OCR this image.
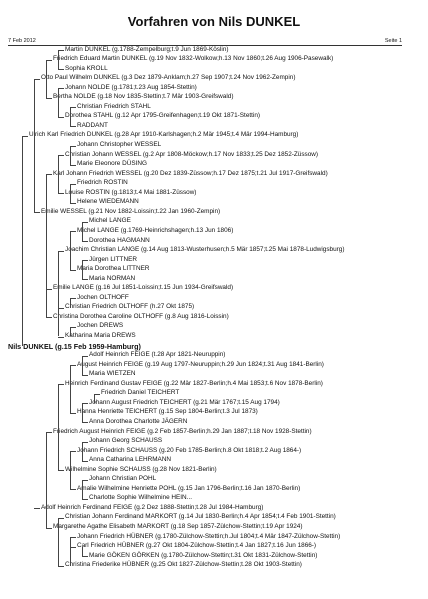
Vorfahren von Nils DUNKEL
7 Feb 2012	Seite 1
Martin DUNKEL (g.1788-Zempelburg;t.9 Jun 1869-Köslin)
Friedrich Eduard Martin DUNKEL (g.19 Nov 1832-Wolkow;h.13 Nov 1860;t.26 Aug 1906-Pasewalk)
Sophia KROLL
Otto Paul Wilhelm DUNKEL (g.3 Dez 1879-Anklam;h.27 Sep 1907;t.24 Nov 1962-Zempin)
Johann NOLDE (g.1781;t.23 Aug 1854-Stettin)
Bertha NOLDE (g.18 Nov 1835-Stettin;t.7 Mär 1903-Greifswald)
Christian Friedrich STAHL
Dorothea STAHL (g.12 Apr 1795-Greifenhagen;t.19 Okt 1871-Stettin)
RADDANT
Ulrich Karl Friedrich DUNKEL (g.28 Apr 1910-Karlshagen;h.2 Mär 1945;t.4 Mär 1994-Hamburg)
Johann Christopher WESSEL
Christian Johann WESSEL (g.2 Apr 1808-Möckow;h.17 Nov 1833;t.25 Dez 1852-Züssow)
Marie Eleonore DÜSING
Karl Johann Friedrich WESSEL (g.20 Dez 1839-Züssow;h.17 Dez 1875;t.21 Jul 1917-Greifswald)
Friedrich ROSTIN
Louise ROSTIN (g.1813;t.4 Mai 1881-Züssow)
Helene WIEDEMANN
Emilie WESSEL (g.21 Nov 1882-Loissin;t.22 Jan 1960-Zempin)
Michel LANGE
Michel LANGE (g.1769-Heinrichshagen;h.13 Jun 1806)
Dorothea HAGMANN
Joachim Christian LANGE (g.14 Aug 1813-Wusterhusen;h.5 Mär 1857;t.25 Mai 1878-Ludwigsburg)
Jürgen LITTNER
Maria Dorothea LITTNER
Maria NORMAN
Emilie LANGE (g.16 Jul 1851-Loissin;t.15 Jun 1934-Greifswald)
Jochen OLTHOFF
Christian Friedrich OLTHOFF (h.27 Okt 1875)
Christina Dorothea Caroline OLTHOFF (g.8 Aug 1816-Loissin)
Jochen DREWS
Katharina Maria DREWS
Nils DUNKEL (g.15 Feb 1959-Hamburg)
Adolf Heinrich FEIGE (t.28 Apr 1821-Neuruppin)
August Heinrich FEIGE (g.19 Aug 1797-Neuruppin;h.29 Jun 1824;t.31 Aug 1841-Berlin)
Maria WIETZEN
Heinrich Ferdinand Gustav FEIGE (g.22 Mär 1827-Berlin;h.4 Mai 1853;t.6 Nov 1878-Berlin)
Friedrich Daniel TEICHERT
Johann August Friedrich TEICHERT (g.21 Mär 1767;t.15 Aug 1794)
Hanna Henriette TEICHERT (g.15 Sep 1804-Berlin;t.3 Jul 1873)
Anna Dorothea Charlotte JÄGERN
Friedrich August Heinrich FEIGE (g.2 Feb 1857-Berlin;h.29 Jan 1887;t.18 Nov 1928-Stettin)
Johann Georg SCHAUSS
Johann Friedrich SCHAUSS (g.20 Feb 1785-Berlin;h.8 Okt 1818;t.2 Aug 1864-)
Anna Catharina LEHRMANN
Wilhelmine Sophie SCHAUSS (g.28 Nov 1821-Berlin)
Johann Christian POHL
Amalie Wilhelmine Henriette POHL (g.15 Jan 1796-Berlin;t.16 Jan 1870-Berlin)
Charlotte Sophie Wilhelmine HEIN...
Adolf Heinrich Ferdinand FEIGE (g.2 Dez 1888-Stettin;t.28 Jul 1984-Hamburg)
Christian Johann Ferdinand MARKORT (g.14 Jul 1830-Berlin;h.4 Apr 1854;t.4 Feb 1901-Stettin)
Margarethe Agathe Elisabeth MARKORT (g.18 Sep 1857-Zülchow-Stettin;t.19 Apr 1924)
Johann Friedrich HÜBNER (g.1780-Zülchow-Stettin;h.Jul 1804;t.4 Mär 1847-Zülchow-Stettin)
Carl Friedrich HÜBNER (g.27 Okt 1804-Zülchow-Stettin;t.4 Jan 1827;t.16 Jun 1866-)
Marie GÖKEN GÖRKEN (g.1780-Zülchow-Stettin;t.31 Okt 1831-Zülchow-Stettin)
Christina Friederike HÜBNER (g.25 Okt 1827-Zülchow-Stettin;t.28 Okt 1903-Stettin)
